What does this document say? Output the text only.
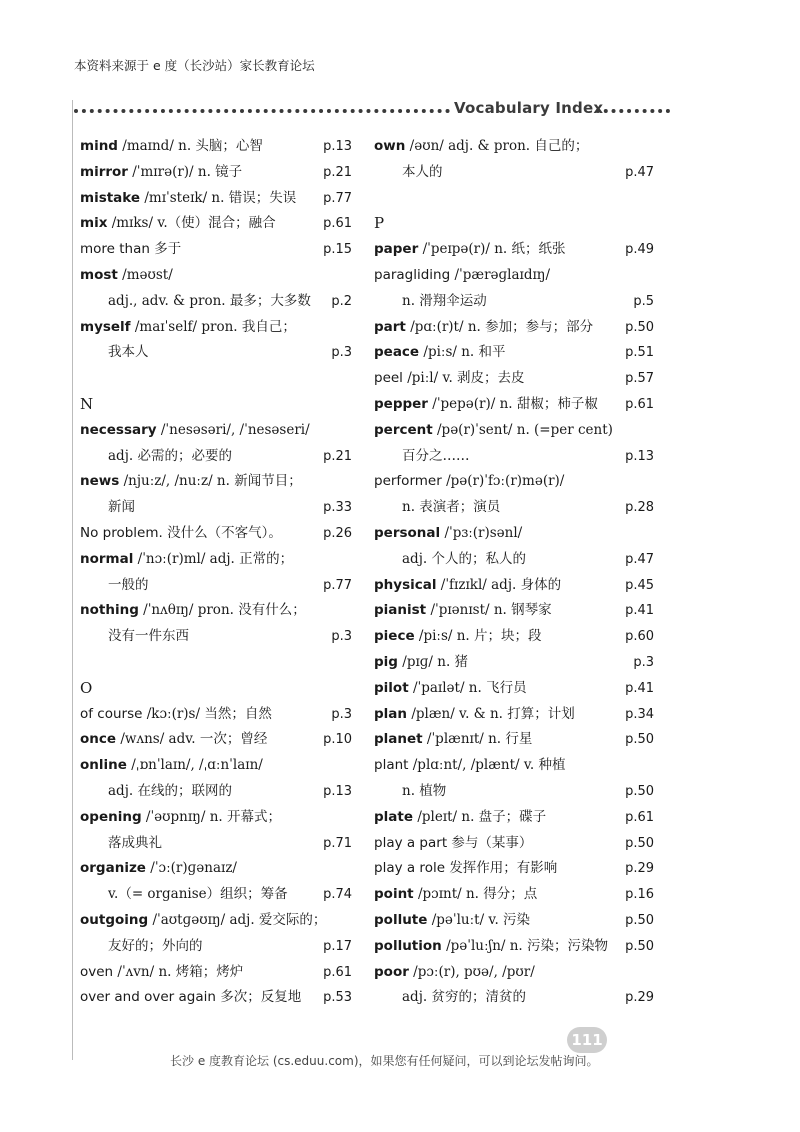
本资料来源于 e 度（长沙站）家长教育论坛
Vocabulary Index
mind /maɪnd/ n. 头脑；心智	p.13
mirror /ˈmɪrə(r)/ n. 镜子	p.21
mistake /mɪˈsteɪk/ n. 错误；失误 p.77
mix /mɪks/ v.（使）混合；融合	p.61
more than 多于	p.15
most /məʊst/
adj., adv. & pron. 最多；大多数 p.2
myself /maɪˈself/ pron. 我自己；
我本人	p.3
N
necessary /ˈnesəsəri/, /ˈnesəseri/
adj. 必需的；必要的	p.21
news /njuːz/, /nuːz/ n. 新闻节目；
新闻	p.33
No problem. 没什么（不客气）。	p.26
normal /ˈnɔː(r)ml/ adj. 正常的；
一般的	p.77
nothing /ˈnʌθɪŋ/ pron. 没有什么；
没有一件东西	p.3
O
of course /kɔː(r)s/ 当然；自然	p.3
once /wʌns/ adv. 一次；曾经	p.10
online /ˌɒnˈlaɪn/, /ˌɑːnˈlaɪn/
adj. 在线的；联网的	p.13
opening /ˈəʊpnɪŋ/ n. 开幕式；
落成典礼	p.71
organize /ˈɔː(r)ɡənaɪz/
v.（= organise）组织；筹备	p.74
outgoing /ˈaʊtɡəʊɪŋ/ adj. 爱交际的；
友好的；外向的	p.17
oven /ˈʌvn/ n. 烤箱；烤炉	p.61
over and over again 多次；反复地 p.53
own /əʊn/ adj. & pron. 自己的；
本人的	p.47
P
paper /ˈpeɪpə(r)/ n. 纸；纸张	p.49
paragliding /ˈpærəɡlaɪdɪŋ/
n. 滑翔伞运动	p.5
part /pɑː(r)t/ n. 参加；参与；部分 p.50
peace /piːs/ n. 和平	p.51
peel /piːl/ v. 剥皮；去皮	p.57
pepper /ˈpepə(r)/ n. 甜椒；柿子椒 p.61
percent /pə(r)ˈsent/ n. (=per cent)
百分之……	p.13
performer /pə(r)ˈfɔː(r)mə(r)/
n. 表演者；演员	p.28
personal /ˈpɜː(r)sənl/
adj. 个人的；私人的	p.47
physical /ˈfɪzɪkl/ adj. 身体的	p.45
pianist /ˈpɪənɪst/ n. 钢琴家	p.41
piece /piːs/ n. 片；块；段	p.60
pig /pɪɡ/ n. 猪	p.3
pilot /ˈpaɪlət/ n. 飞行员	p.41
plan /plæn/ v. & n. 打算；计划	p.34
planet /ˈplænɪt/ n. 行星	p.50
plant /plɑːnt/, /plænt/ v. 种植
n. 植物	p.50
plate /pleɪt/ n. 盘子；碟子	p.61
play a part 参与（某事）	p.50
play a role 发挥作用；有影响	p.29
point /pɔɪnt/ n. 得分；点	p.16
pollute /pəˈluːt/ v. 污染	p.50
pollution /pəˈluːʃn/ n. 污染；污染物 p.50
poor /pɔː(r), pʊə/, /pʊr/
adj. 贫穷的；清贫的	p.29
111
长沙 e 度教育论坛 (cs.eduu.com)，如果您有任何疑问，可以到论坛发帖询问。
